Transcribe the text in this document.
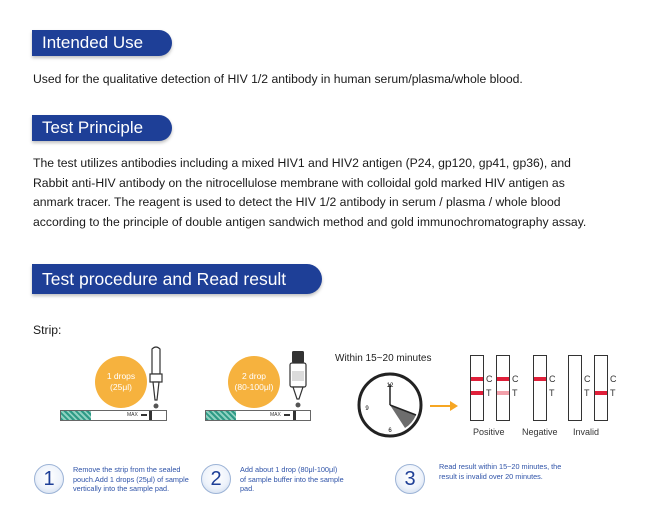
Intended Use
Used for the qualitative detection of HIV 1/2 antibody in human serum/plasma/whole blood.
Test Principle
The test utilizes antibodies including a mixed HIV1 and HIV2 antigen (P24, gp120, gp41, gp36), and
Rabbit anti-HIV antibody on the nitrocellulose membrane with colloidal gold marked HIV antigen as
anmark tracer. The reagent is used to detect the HIV 1/2 antibody in serum / plasma / whole blood
according to the principle of double antigen sandwich method and gold immunochromatography assay.
Test procedure and Read result
Strip:
1 drops
(25μl)
MAX
2 drop
(80-100μl)
MAX
Within 15~20 minutes
12
9
6
C
T
C
T
C
T
C
T
C
T
Positive Negative Invalid
1	Remove the strip from the sealed
pouch.Add 1 drops (25μl) of sample
vertically into the sample pad.	2	Add about 1 drop (80μl-100μl)
of sample buffer into the sample
pad.	3
Read result within 15~20 minutes, the
result is invalid over 20 minutes.
